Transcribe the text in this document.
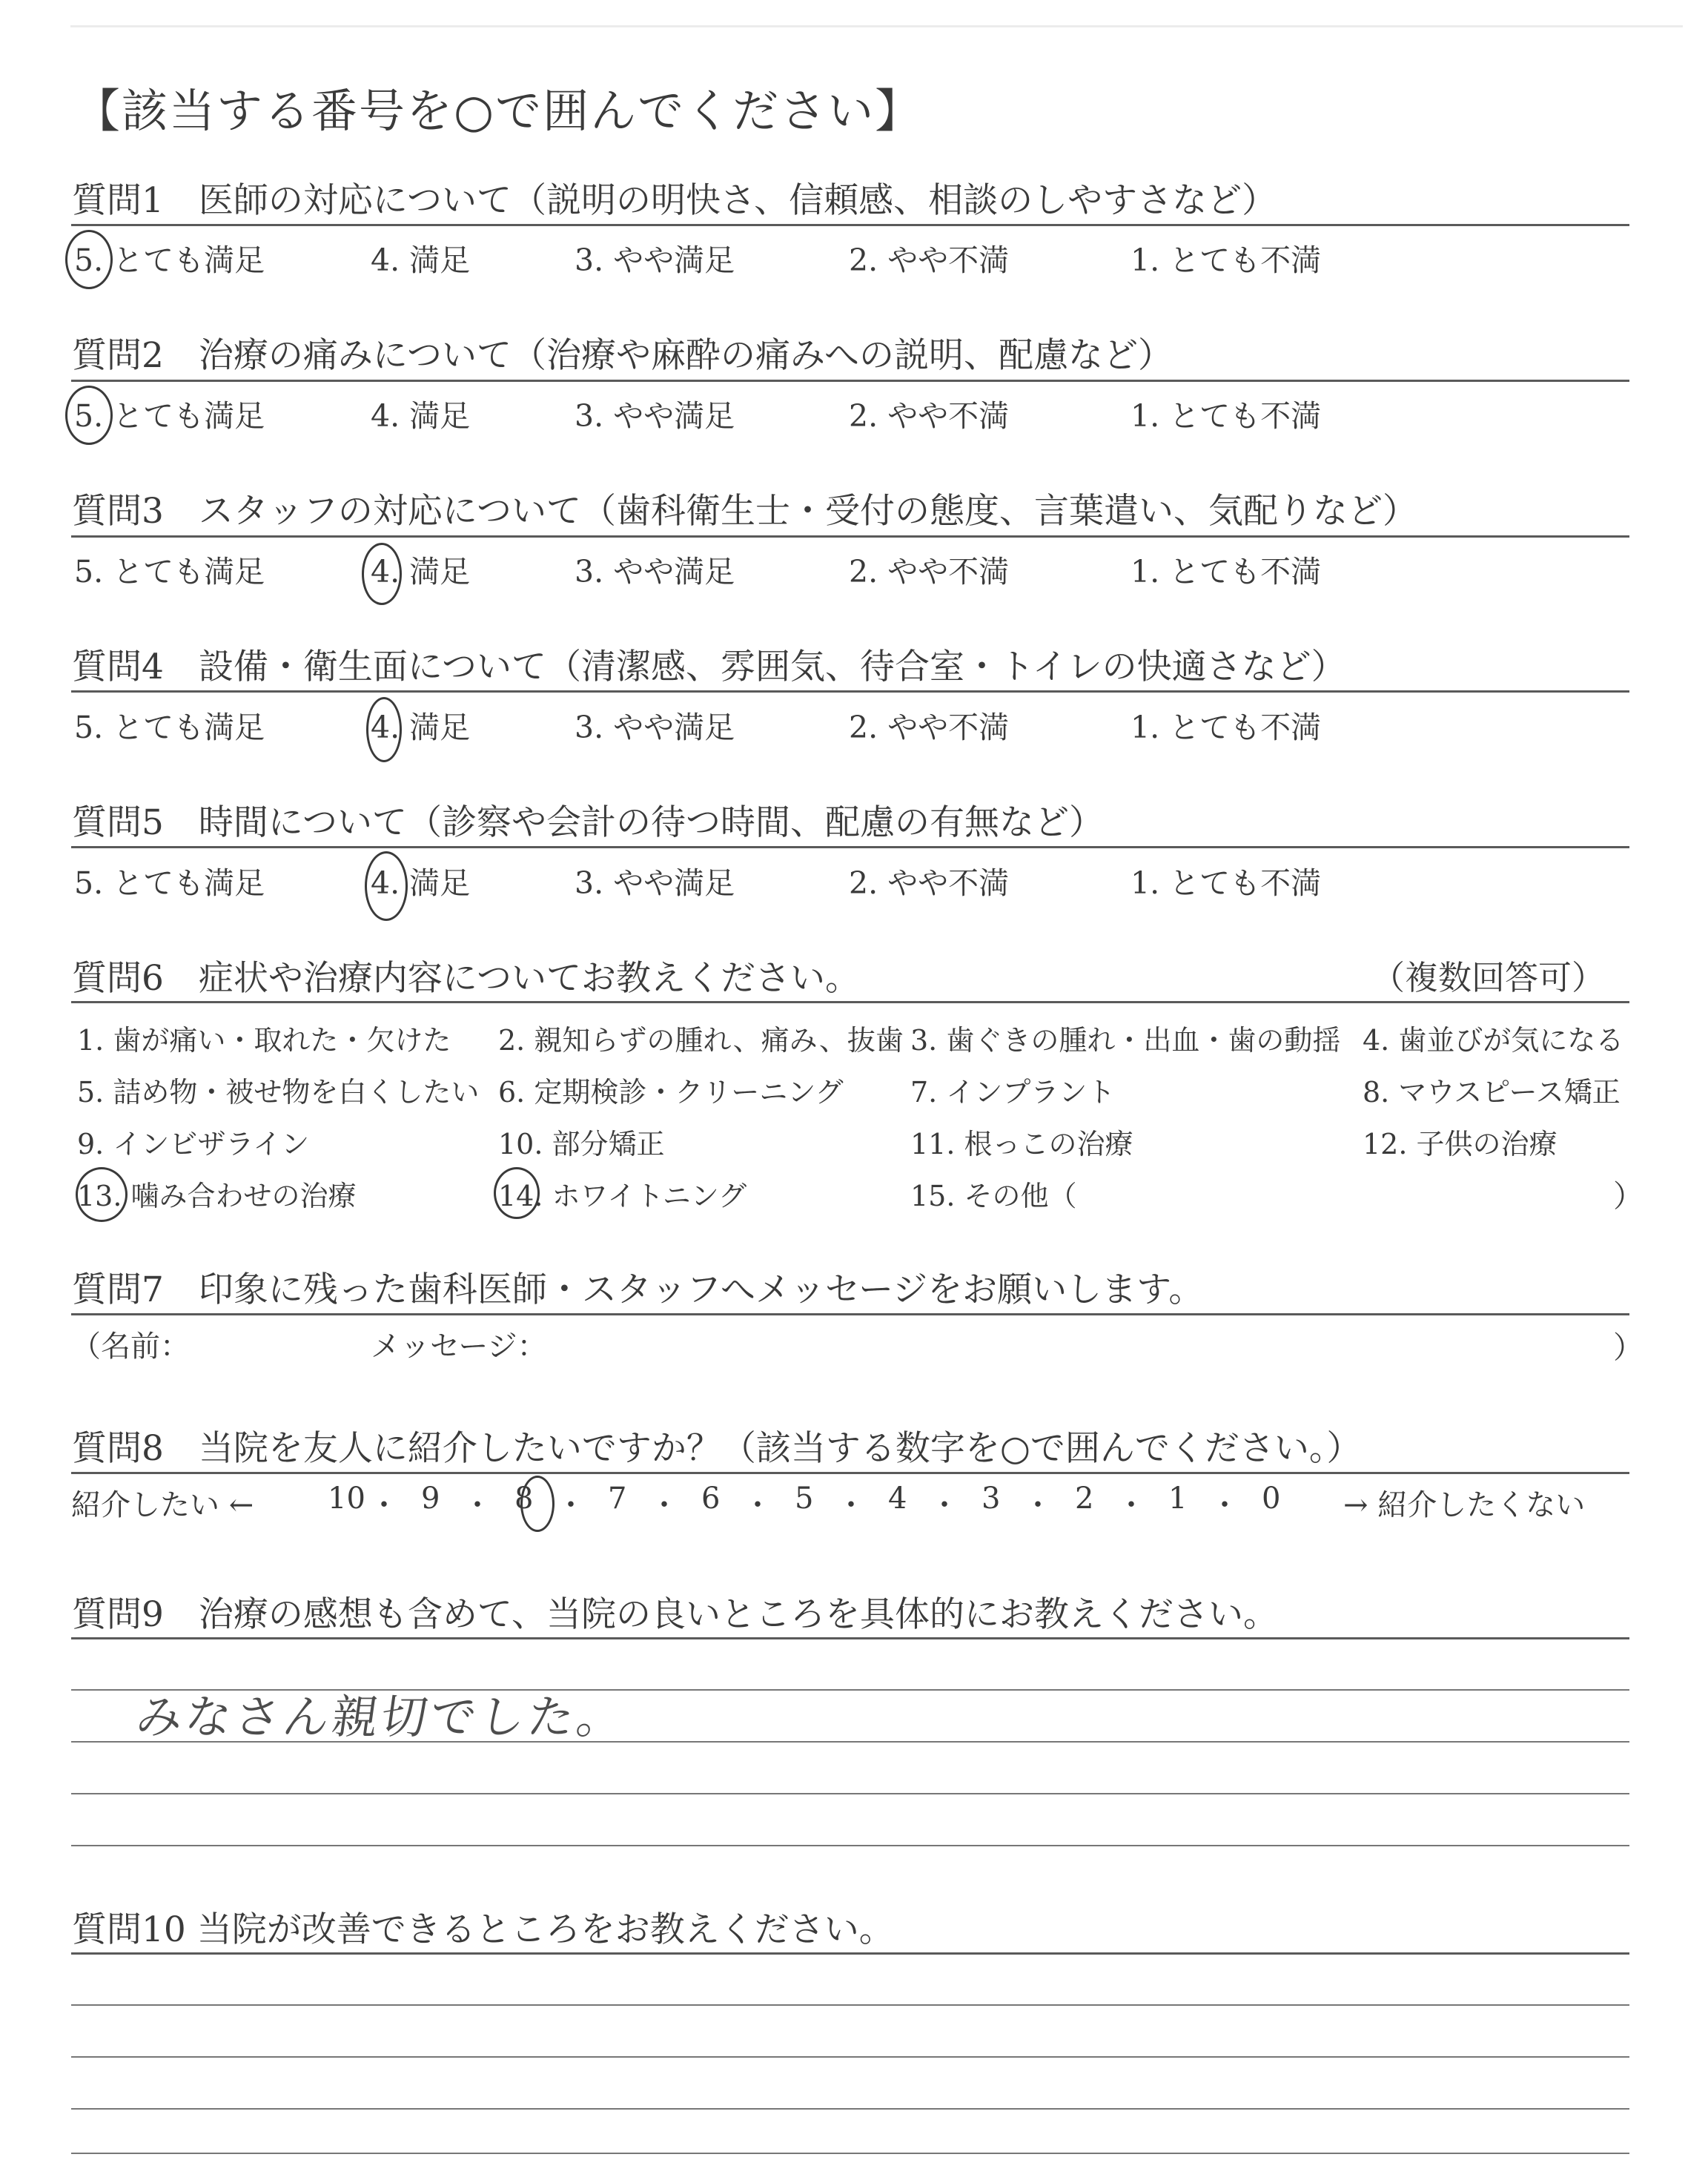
【該当する番号を○で囲んでください】
質問1　医師の対応について（説明の明快さ、信頼感、相談のしやすさなど）
5. とても満足	4. 満足	3. やや満足	2. やや不満	1. とても不満
質問2　治療の痛みについて（治療や麻酔の痛みへの説明、配慮など）
5. とても満足	4. 満足	3. やや満足	2. やや不満	1. とても不満
質問3　スタッフの対応について（歯科衛生士・受付の態度、言葉遣い、気配りなど）
5. とても満足	4. 満足	3. やや満足	2. やや不満	1. とても不満
質問4　設備・衛生面について（清潔感、雰囲気、待合室・トイレの快適さなど）
5. とても満足	4. 満足	3. やや満足	2. やや不満	1. とても不満
質問5　時間について（診察や会計の待つ時間、配慮の有無など）
5. とても満足	4. 満足	3. やや満足	2. やや不満	1. とても不満
質問6　症状や治療内容についてお教えください。	（複数回答可）
1. 歯が痛い・取れた・欠けた 2. 親知らずの腫れ、痛み、抜歯 3. 歯ぐきの腫れ・出血・歯の動揺 4. 歯並びが気になる
5. 詰め物・被せ物を白くしたい 6. 定期検診・クリーニング 7. インプラント	8. マウスピース矯正
9. インビザライン	10. 部分矯正	11. 根っこの治療	12. 子供の治療
13. 噛み合わせの治療	14. ホワイトニング	15. その他（	）
質問7　印象に残った歯科医師・スタッフへメッセージをお願いします。
（名前：	メッセージ：	）
質問8　当院を友人に紹介したいですか？（該当する数字を○で囲んでください。）
紹介したい ← 10 ・ 9 ・ 8 ・ 7 ・ 6 ・ 5 ・ 4 ・ 3 ・ 2 ・ 1 ・ 0 → 紹介したくない
質問9　治療の感想も含めて、当院の良いところを具体的にお教えください。
みなさん親切でした。
質問10 当院が改善できるところをお教えください。
